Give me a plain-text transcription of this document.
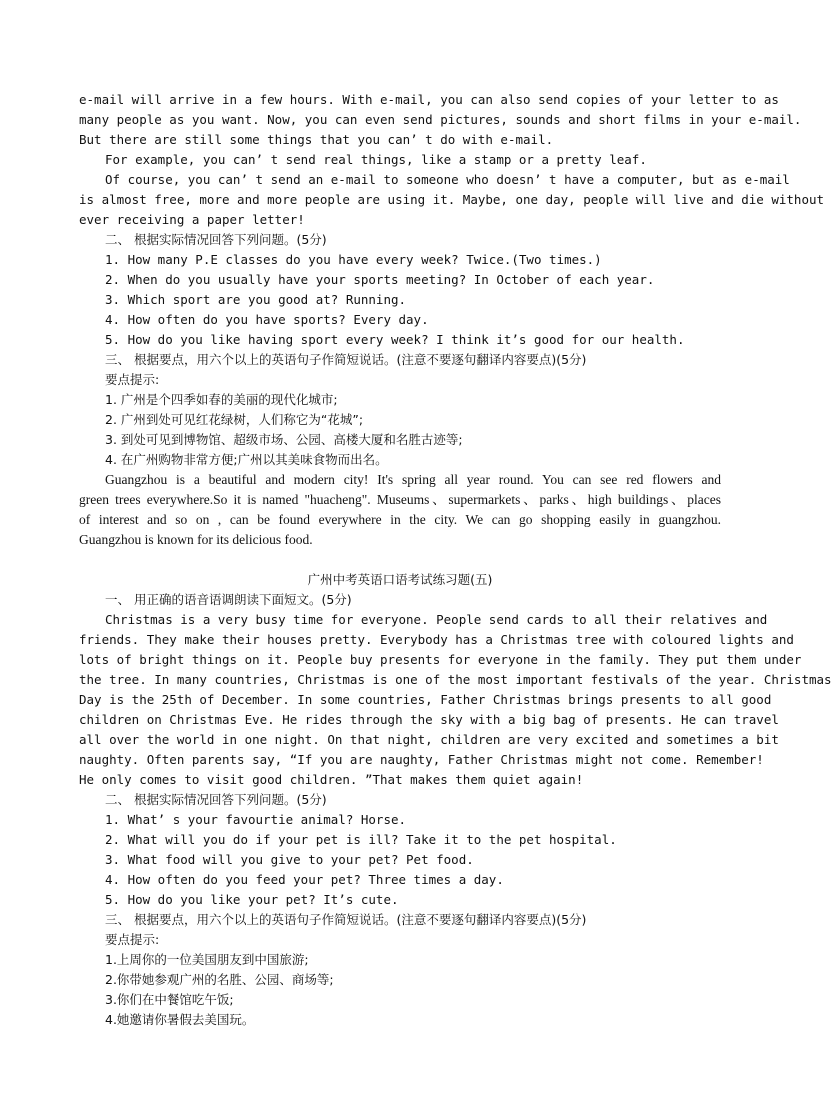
e-mail will arrive in a few hours. With e-mail, you can also send copies of your letter to as
many people as you want. Now, you can even send pictures, sounds and short films in your e-mail.
But there are still some things that you can’ t do with e-mail.
For example, you can’ t send real things, like a stamp or a pretty leaf.
Of course, you can’ t send an e-mail to someone who doesn’ t have a computer, but as e-mail
is almost free, more and more people are using it. Maybe, one day, people will live and die without
ever receiving a paper letter!
二、 根据实际情况回答下列问题。(5分)
1. How many P.E classes do you have every week? Twice.(Two times.)
2. When do you usually have your sports meeting? In October of each year.
3. Which sport are you good at? Running.
4. How often do you have sports? Every day.
5. How do you like having sport every week? I think it’s good for our health.
三、 根据要点，用六个以上的英语句子作简短说话。(注意不要逐句翻译内容要点)(5分)
要点提示:
1. 广州是个四季如春的美丽的现代化城市;
2. 广州到处可见红花绿树，人们称它为“花城”;
3. 到处可见到博物馆、超级市场、公园、高楼大厦和名胜古迹等;
4. 在广州购物非常方便;广州以其美味食物而出名。
Guangzhou is a beautiful and modern city! It's spring all year round. You can see red flowers and
green trees everywhere.So it is named "huacheng". Museums、supermarkets、parks、high buildings、places
of interest and so on , can be found everywhere in the city. We can go shopping easily in guangzhou.
Guangzhou is known for its delicious food.
广州中考英语口语考试练习题(五)
一、 用正确的语音语调朗读下面短文。(5分)
Christmas is a very busy time for everyone. People send cards to all their relatives and
friends. They make their houses pretty. Everybody has a Christmas tree with coloured lights and
lots of bright things on it. People buy presents for everyone in the family. They put them under
the tree. In many countries, Christmas is one of the most important festivals of the year. Christmas
Day is the 25th of December. In some countries, Father Christmas brings presents to all good
children on Christmas Eve. He rides through the sky with a big bag of presents. He can travel
all over the world in one night. On that night, children are very excited and sometimes a bit
naughty. Often parents say, “If you are naughty, Father Christmas might not come. Remember!
He only comes to visit good children. ”That makes them quiet again!
二、 根据实际情况回答下列问题。(5分)
1. What’ s your favourtie animal? Horse.
2. What will you do if your pet is ill? Take it to the pet hospital.
3. What food will you give to your pet? Pet food.
4. How often do you feed your pet? Three times a day.
5. How do you like your pet? It’s cute.
三、 根据要点，用六个以上的英语句子作简短说话。(注意不要逐句翻译内容要点)(5分)
要点提示:
1.上周你的一位美国朋友到中国旅游;
2.你带她参观广州的名胜、公园、商场等;
3.你们在中餐馆吃午饭;
4.她邀请你暑假去美国玩。
